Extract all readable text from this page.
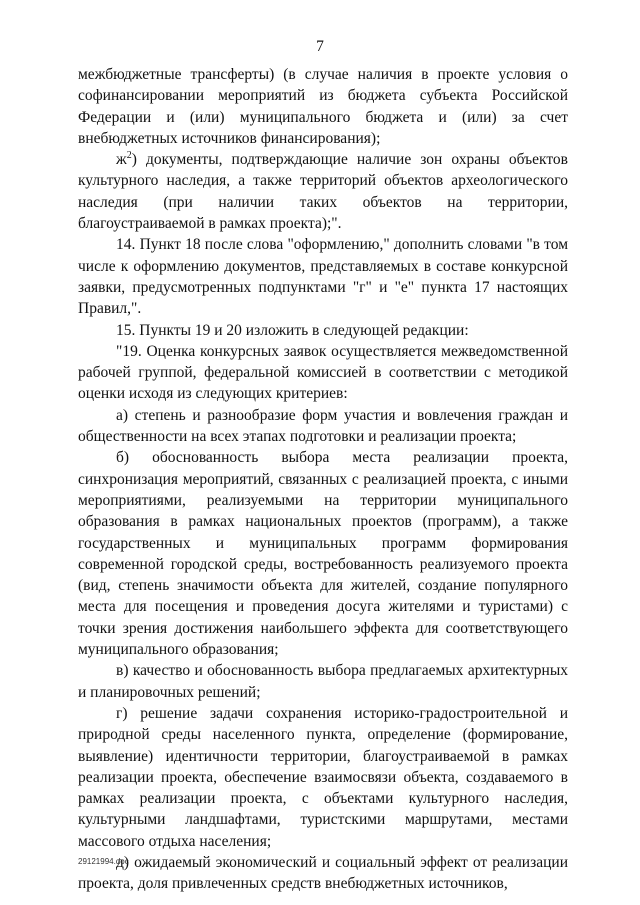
7

межбюджетные трансферты) (в случае наличия в проекте условия о софинансировании мероприятий из бюджета субъекта Российской Федерации и (или) муниципального бюджета и (или) за счет внебюджетных источников финансирования);

$ж^2$) документы, подтверждающие наличие зон охраны объектов культурного наследия, а также территорий объектов археологического наследия (при наличии таких объектов на территории, благоустраиваемой в рамках проекта);".

14. Пункт 18 после слова "оформлению," дополнить словами "в том числе к оформлению документов, представляемых в составе конкурсной заявки, предусмотренных подпунктами "г" и "е" пункта 17 настоящих Правил,".

15. Пункты 19 и 20 изложить в следующей редакции:

"19. Оценка конкурсных заявок осуществляется межведомственной рабочей группой, федеральной комиссией в соответствии с методикой оценки исходя из следующих критериев:

а) степень и разнообразие форм участия и вовлечения граждан и общественности на всех этапах подготовки и реализации проекта;

б) обоснованность выбора места реализации проекта, синхронизация мероприятий, связанных с реализацией проекта, с иными мероприятиями, реализуемыми на территории муниципального образования в рамках национальных проектов (программ), а также государственных и муниципальных программ формирования современной городской среды, востребованность реализуемого проекта (вид, степень значимости объекта для жителей, создание популярного места для посещения и проведения досуга жителями и туристами) с точки зрения достижения наибольшего эффекта для соответствующего муниципального образования;

в) качество и обоснованность выбора предлагаемых архитектурных и планировочных решений;

г) решение задачи сохранения историко-градостроительной и природной среды населенного пункта, определение (формирование, выявление) идентичности территории, благоустраиваемой в рамках реализации проекта, обеспечение взаимосвязи объекта, создаваемого в рамках реализации проекта, с объектами культурного наследия, культурными ландшафтами, туристскими маршрутами, местами массового отдыха населения;

д) ожидаемый экономический и социальный эффект от реализации проекта, доля привлеченных средств внебюджетных источников,

29121994.doc
